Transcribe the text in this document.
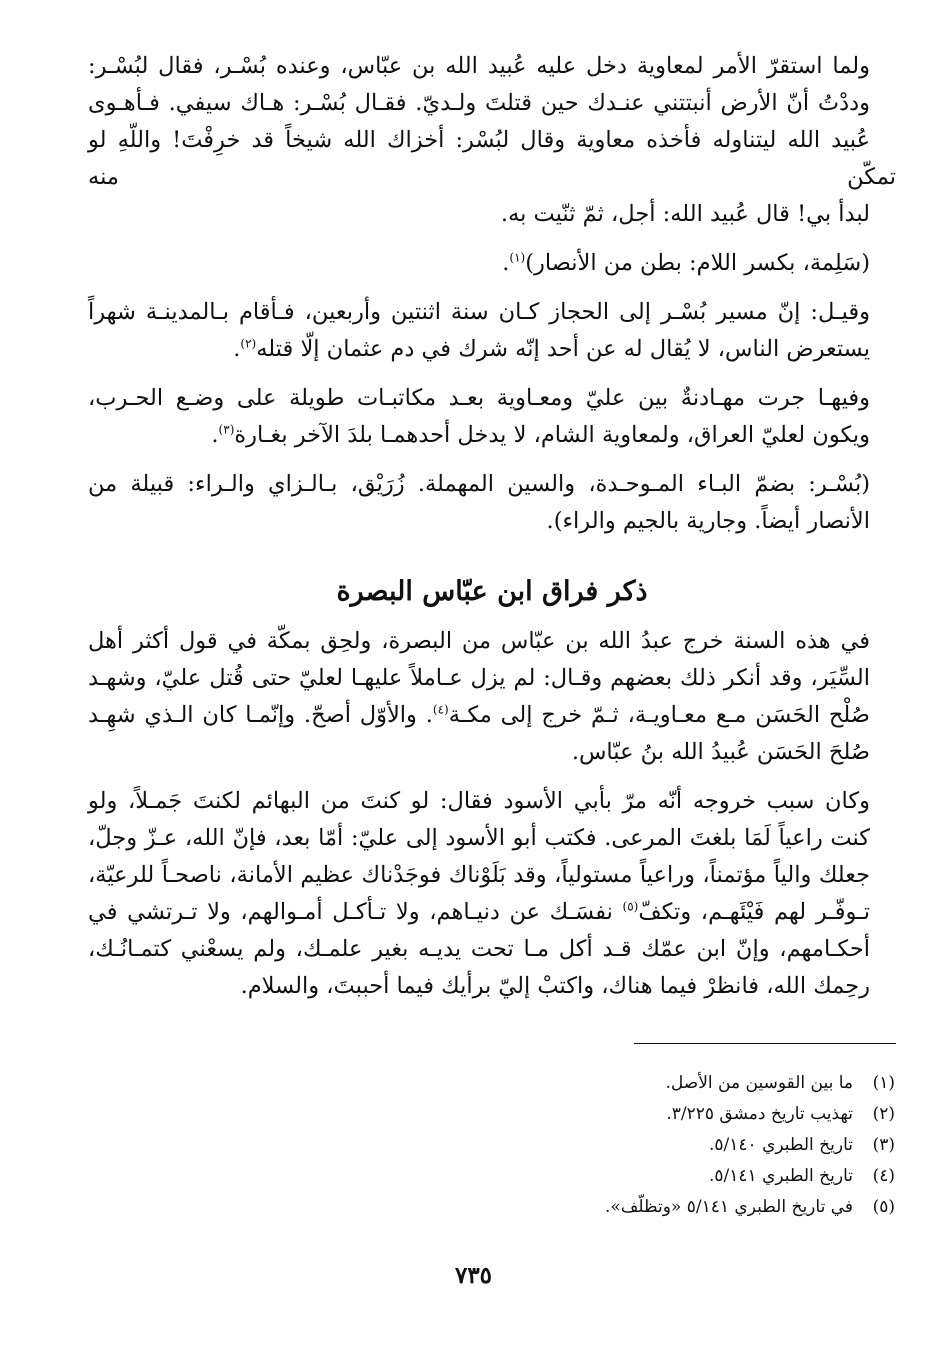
ولما استقرّ الأمر لمعاوية دخل عليه عُبيد الله بن عبّاس، وعنده بُسْـر، فقال لبُسْـر:
وددْتُ أنّ الأرض أنبتتني عنـدك حين قتلتَ ولـديّ. فقـال بُسْـر: هـاك سيفي. فـأهـوى
عُبيد الله ليتناوله فأخذه معاوية وقال لبُسْر: أخزاك الله شيخاً قد خرِفْتَ! واللّهِ لو تمكّن منه
لبدأ بي! قال عُبيد الله: أجل، ثمّ ثنّيت به.

(سَلِمة، بكسر اللام: بطن من الأنصار)$^{(١)}$.

وقيـل: إنّ مسير بُسْـر إلى الحجاز كـان سنة اثنتين وأربعين، فـأقام بـالمدينـة شهراً
يستعرض الناس، لا يُقال له عن أحد إنّه شرك في دم عثمان إلّا قتله$^{(٢)}$.

وفيهـا جرت مهـادنةٌ بين عليّ ومعـاوية بعـد مكاتبـات طويلة على وضـع الحـرب،
ويكون لعليّ العراق، ولمعاوية الشام، لا يدخل أحدهمـا بلدَ الآخر بغـارة$^{(٣)}$.

(بُسْـر: بضمّ البـاء المـوحـدة، والسين المهملة. زُرَيْق، بـالـزاي والـراء: قبيلة من
الأنصار أيضاً. وجارية بالجيم والراء).

ذكر فراق ابن عبّاس البصرة

في هذه السنة خرج عبدُ الله بن عبّاس من البصرة، ولحِق بمكّة في قول أكثر أهل
السِّيَر، وقد أنكر ذلك بعضهم وقـال: لم يزل عـاملاً عليهـا لعليّ حتى قُتل عليّ، وشهـد
صُلْح الحَسَن مـع معـاويـة، ثـمّ خرج إلى مكـة$^{(٤)}$. والأوّل أصحّ. وإنّمـا كان الـذي شهِـد
صُلحَ الحَسَن عُبيدُ الله بنُ عبّاس.

وكان سبب خروجه أنّه مرّ بأبي الأسود فقال: لو كنتَ من البهائم لكنتَ جَمـلاً، ولو
كنت راعياً لَمَا بلغتَ المرعى. فكتب أبو الأسود إلى عليّ: أمّا بعد، فإنّ الله، عـزّ وجلّ،
جعلك والياً مؤتمناً، وراعياً مستولياً، وقد بَلَوْناك فوجَدْناك عظيم الأمانة، ناصحـاً للرعيّة،
تـوفّـر لهم فَيْئَهـم، وتكفّ$^{(٥)}$ نفسَـك عن دنيـاهم، ولا تـأكـل أمـوالهم، ولا تـرتشي في
أحكـامهم، وإنّ ابن عمّك قـد أكل مـا تحت يديـه بغير علمـك، ولم يسعْني كتمـانُـك،
رحِمك الله، فانظرْ فيما هناك، واكتبْ إليّ برأيك فيما أحببتَ، والسلام.

(١)ما بين القوسين من الأصل.
(٢)تهذيب تاريخ دمشق ٣/٢٢٥.
(٣)تاريخ الطبري ٥/١٤٠.
(٤)تاريخ الطبري ٥/١٤١.
(٥)في تاريخ الطبري ٥/١٤١ «وتظلّف».
٧٣٥
